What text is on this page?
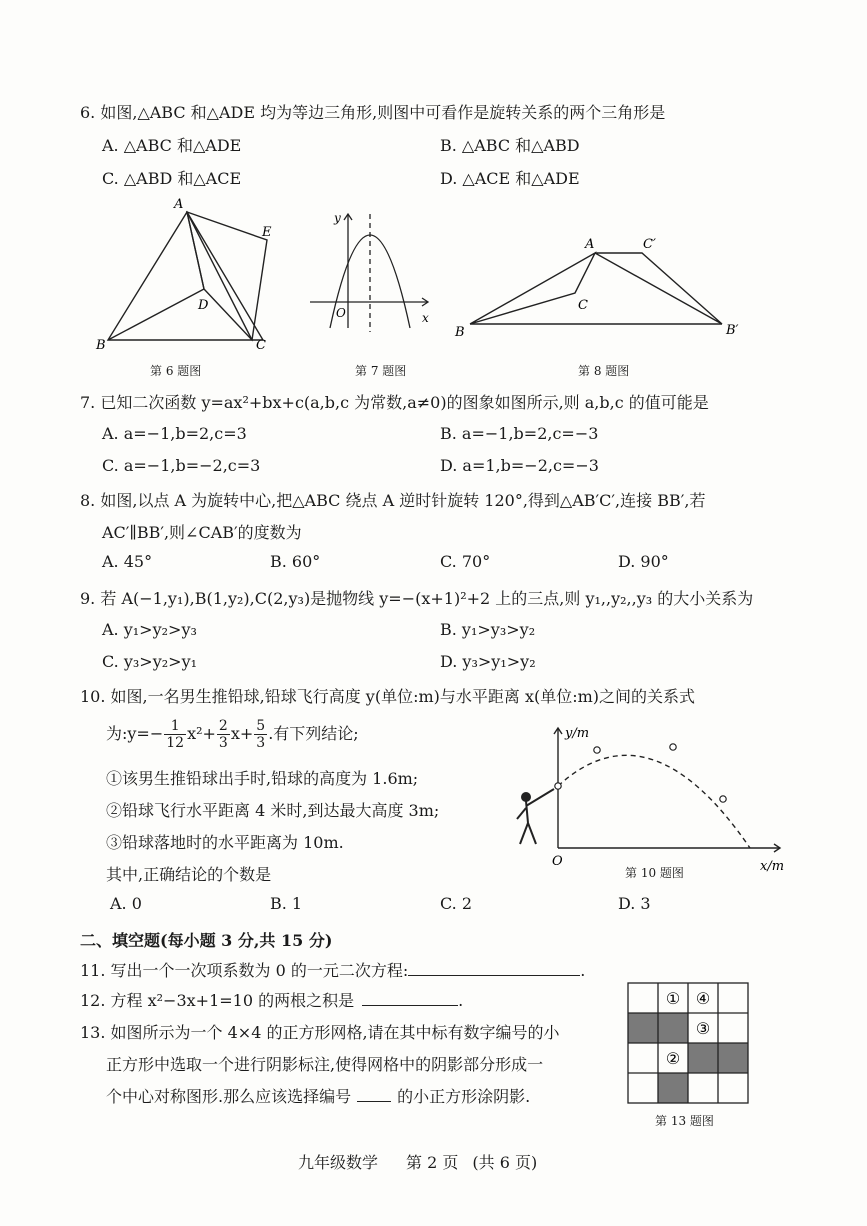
6. 如图,△ABC 和△ADE 均为等边三角形,则图中可看作是旋转关系的两个三角形是
A. △ABC 和△ADE	B. △ABC 和△ABD
C. △ABD 和△ACE	D. △ACE 和△ADE
A
E
D
B	C
第 6 题图
y
x
O
第 7 题图
A	C′
C
B	B′
第 8 题图
7. 已知二次函数 y=ax²+bx+c(a,b,c 为常数,a≠0)的图象如图所示,则 a,b,c 的值可能是
A. a=−1,b=2,c=3	B. a=−1,b=2,c=−3
C. a=−1,b=−2,c=3	D. a=1,b=−2,c=−3
8. 如图,以点 A 为旋转中心,把△ABC 绕点 A 逆时针旋转 120°,得到△AB′C′,连接 BB′,若
AC′∥BB′,则∠CAB′的度数为
A. 45°	B. 60°	C. 70°	D. 90°
9. 若 A(−1,y₁),B(1,y₂),C(2,y₃)是抛物线 y=−(x+1)²+2 上的三点,则 y₁,,y₂,,y₃ 的大小关系为
A. y₁>y₂>y₃	B. y₁>y₃>y₂
C. y₃>y₂>y₁	D. y₃>y₁>y₂
10. 如图,一名男生推铅球,铅球飞行高度 y(单位:m)与水平距离 x(单位:m)之间的关系式
为:y=− $\frac{1}{12} x^2+ \frac{2}{3} x+ \frac{5}{3}$ .有下列结论;
①该男生推铅球出手时,铅球的高度为 1.6m;
②铅球飞行水平距离 4 米时,到达最大高度 3m;
③铅球落地时的水平距离为 10m.
其中,正确结论的个数是
A. 0	B. 1	C. 2	D. 3
y/m
x/m
O
第 10 题图
二、填空题(每小题 3 分,共 15 分)
11. 写出一个一次项系数为 0 的一元二次方程:	.
12. 方程 x²−3x+1=10 的两根之积是	.
13. 如图所示为一个 4×4 的正方形网格,请在其中标有数字编号的小
正方形中选取一个进行阴影标注,使得网格中的阴影部分形成一
个中心对称图形.那么应该选择编号	的小正方形涂阴影.
① ④
③
②
第 13 题图
九年级数学 第 2 页 (共 6 页)
